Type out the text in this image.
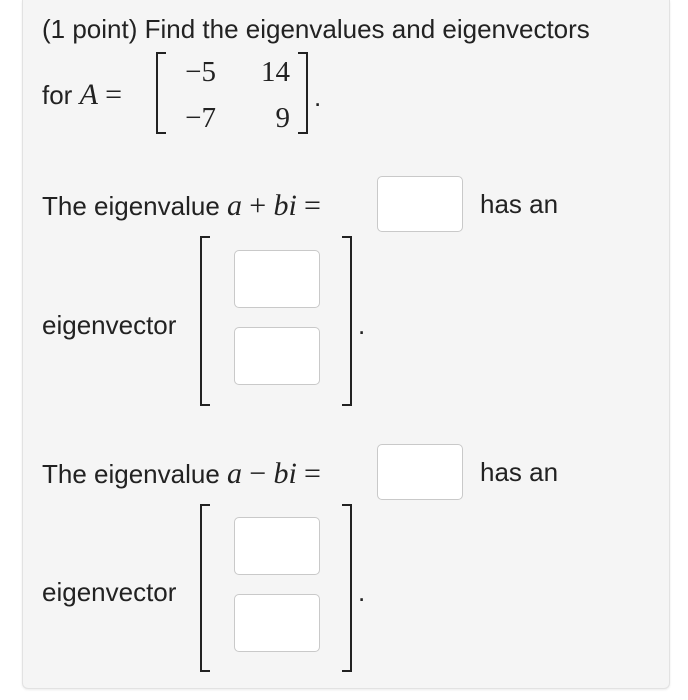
(1 point) Find the eigenvalues and eigenvectors
for A =
−5	14
−7	9
.
The eigenvalue a + bi =	has an
eigenvector	.
The eigenvalue a − bi =	has an
eigenvector	.
